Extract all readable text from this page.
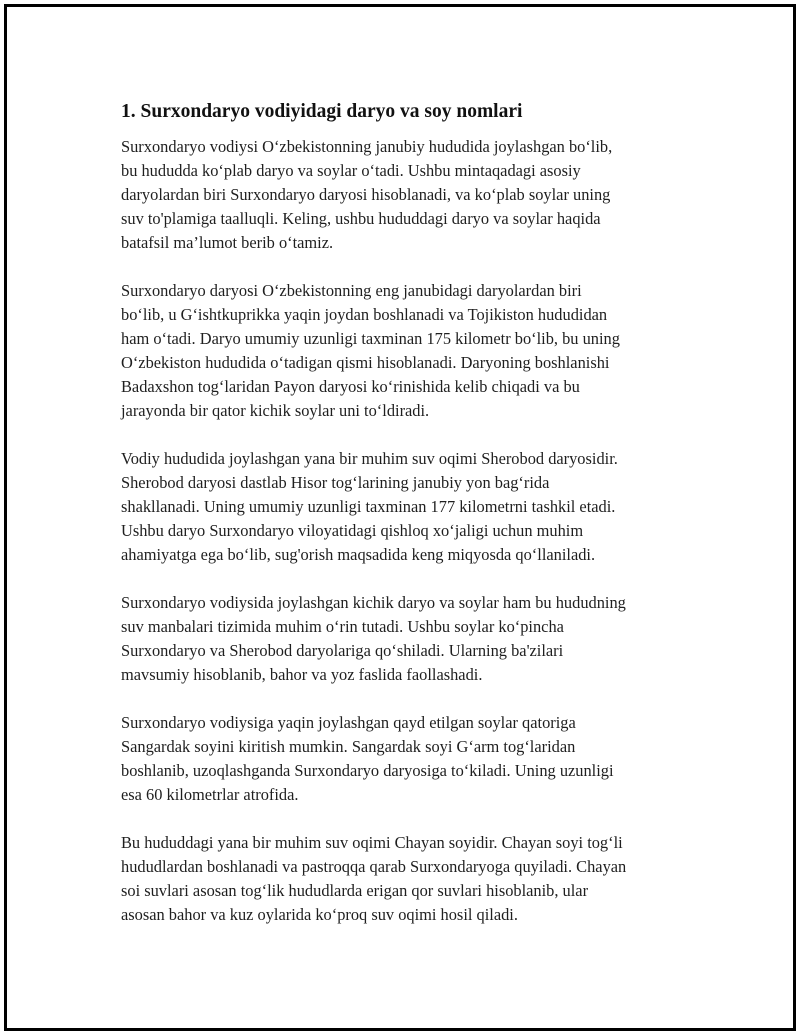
1. Surxondaryo vodiyidagi daryo va soy nomlari

Surxondaryo vodiysi O‘zbekistonning janubiy hududida joylashgan bo‘lib,
bu hududda ko‘plab daryo va soylar o‘tadi. Ushbu mintaqadagi asosiy
daryolardan biri Surxondaryo daryosi hisoblanadi, va ko‘plab soylar uning
suv to'plamiga taalluqli. Keling, ushbu hududdagi daryo va soylar haqida
batafsil ma’lumot berib o‘tamiz.

Surxondaryo daryosi O‘zbekistonning eng janubidagi daryolardan biri
bo‘lib, u G‘ishtkuprikka yaqin joydan boshlanadi va Tojikiston hududidan
ham o‘tadi. Daryo umumiy uzunligi taxminan 175 kilometr bo‘lib, bu uning
O‘zbekiston hududida o‘tadigan qismi hisoblanadi. Daryoning boshlanishi
Badaxshon tog‘laridan Payon daryosi ko‘rinishida kelib chiqadi va bu
jarayonda bir qator kichik soylar uni to‘ldiradi.

Vodiy hududida joylashgan yana bir muhim suv oqimi Sherobod daryosidir.
Sherobod daryosi dastlab Hisor tog‘larining janubiy yon bag‘rida
shakllanadi. Uning umumiy uzunligi taxminan 177 kilometrni tashkil etadi.
Ushbu daryo Surxondaryo viloyatidagi qishloq xo‘jaligi uchun muhim
ahamiyatga ega bo‘lib, sug'orish maqsadida keng miqyosda qo‘llaniladi.

Surxondaryo vodiysida joylashgan kichik daryo va soylar ham bu hududning
suv manbalari tizimida muhim o‘rin tutadi. Ushbu soylar ko‘pincha
Surxondaryo va Sherobod daryolariga qo‘shiladi. Ularning ba'zilari
mavsumiy hisoblanib, bahor va yoz faslida faollashadi.

Surxondaryo vodiysiga yaqin joylashgan qayd etilgan soylar qatoriga
Sangardak soyini kiritish mumkin. Sangardak soyi G‘arm tog‘laridan
boshlanib, uzoqlashganda Surxondaryo daryosiga to‘kiladi. Uning uzunligi
esa 60 kilometrlar atrofida.

Bu hududdagi yana bir muhim suv oqimi Chayan soyidir. Chayan soyi tog‘li
hududlardan boshlanadi va pastroqqa qarab Surxondaryoga quyiladi. Chayan
soi suvlari asosan tog‘lik hududlarda erigan qor suvlari hisoblanib, ular
asosan bahor va kuz oylarida ko‘proq suv oqimi hosil qiladi.
